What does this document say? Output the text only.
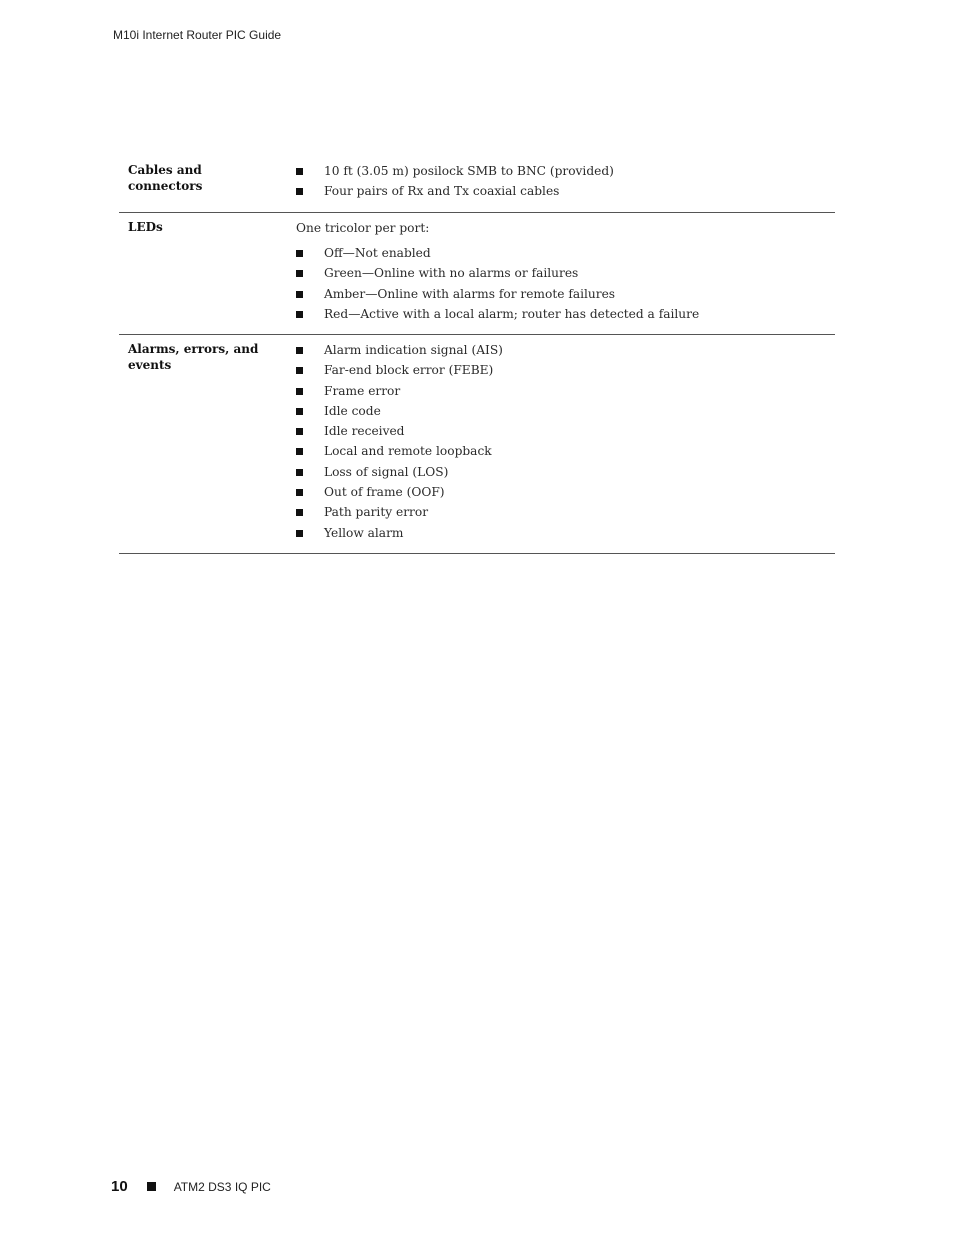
M10i Internet Router PIC Guide
Cables and connectors
10 ft (3.05 m) posilock SMB to BNC (provided)
Four pairs of Rx and Tx coaxial cables
LEDs	One tricolor per port:
Off—Not enabled
Green—Online with no alarms or failures
Amber—Online with alarms for remote failures
Red—Active with a local alarm; router has detected a failure
Alarms, errors, and events
Alarm indication signal (AIS)
Far-end block error (FEBE)
Frame error
Idle code
Idle received
Local and remote loopback
Loss of signal (LOS)
Out of frame (OOF)
Path parity error
Yellow alarm
10	ATM2 DS3 IQ PIC
